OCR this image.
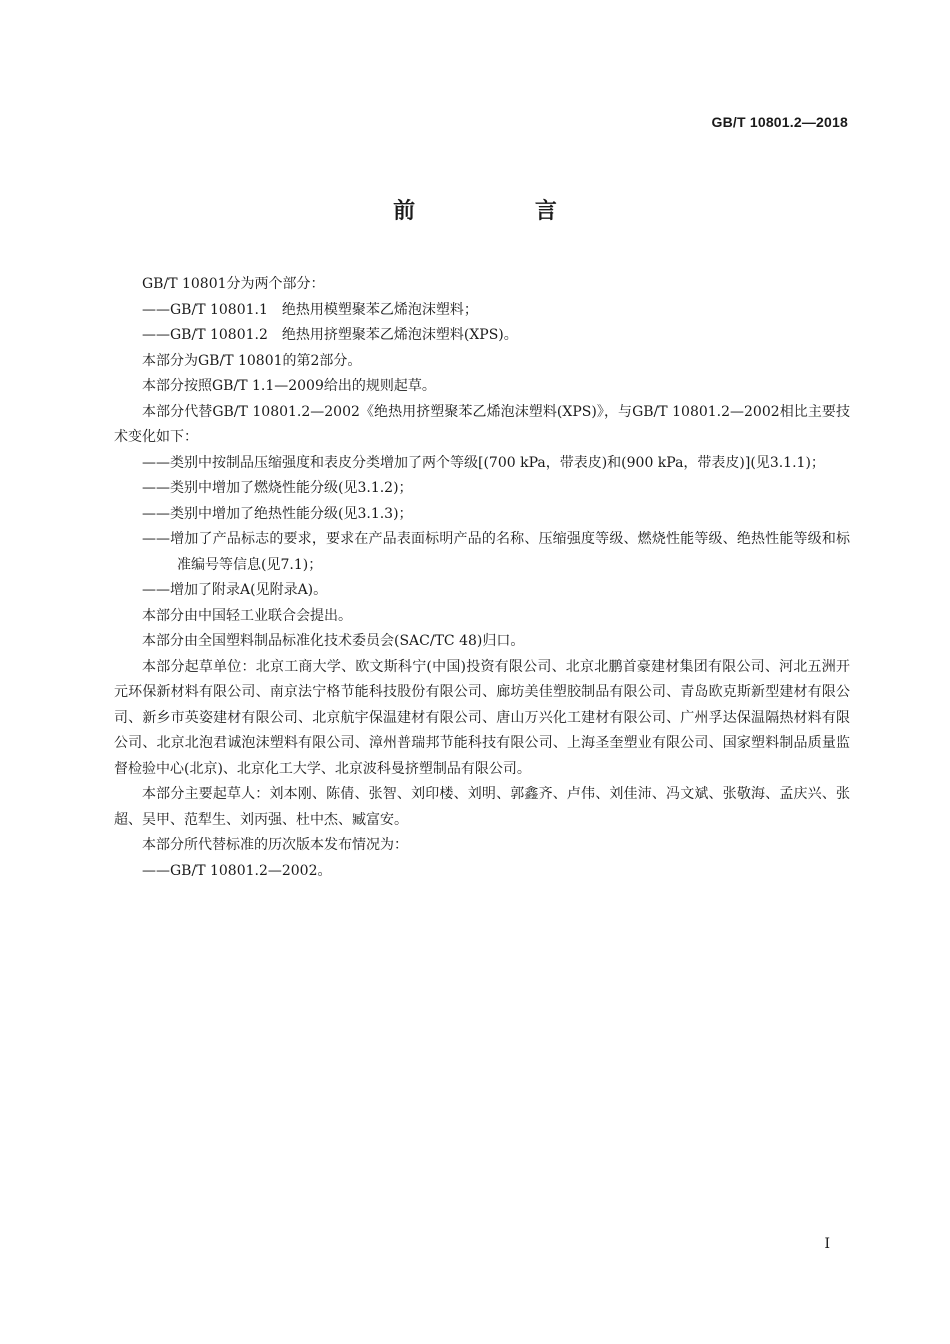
GB/T 10801.2—2018
前 言

GB/T 10801分为两个部分：

——GB/T 10801.1　绝热用模塑聚苯乙烯泡沫塑料；

——GB/T 10801.2　绝热用挤塑聚苯乙烯泡沫塑料(XPS)。

本部分为GB/T 10801的第2部分。

本部分按照GB/T 1.1—2009给出的规则起草。

本部分代替GB/T 10801.2—2002《绝热用挤塑聚苯乙烯泡沫塑料(XPS)》，与GB/T 10801.2—2002相比主要技术变化如下：

——类别中按制品压缩强度和表皮分类增加了两个等级[(700 kPa，带表皮)和(900 kPa，带表皮)](见3.1.1)；

——类别中增加了燃烧性能分级(见3.1.2)；

——类别中增加了绝热性能分级(见3.1.3)；

——增加了产品标志的要求，要求在产品表面标明产品的名称、压缩强度等级、燃烧性能等级、绝热性能等级和标准编号等信息(见7.1)；

——增加了附录A(见附录A)。

本部分由中国轻工业联合会提出。

本部分由全国塑料制品标准化技术委员会(SAC/TC 48)归口。

本部分起草单位：北京工商大学、欧文斯科宁(中国)投资有限公司、北京北鹏首豪建材集团有限公司、河北五洲开元环保新材料有限公司、南京法宁格节能科技股份有限公司、廊坊美佳塑胶制品有限公司、青岛欧克斯新型建材有限公司、新乡市英姿建材有限公司、北京航宇保温建材有限公司、唐山万兴化工建材有限公司、广州孚达保温隔热材料有限公司、北京北泡君诚泡沫塑料有限公司、漳州普瑞邦节能科技有限公司、上海圣奎塑业有限公司、国家塑料制品质量监督检验中心(北京)、北京化工大学、北京波科曼挤塑制品有限公司。

本部分主要起草人：刘本刚、陈倩、张智、刘印楼、刘明、郭鑫齐、卢伟、刘佳沛、冯文斌、张敬海、孟庆兴、张超、吴甲、范犁生、刘丙强、杜中杰、臧富安。

本部分所代替标准的历次版本发布情况为：

——GB/T 10801.2—2002。

I
